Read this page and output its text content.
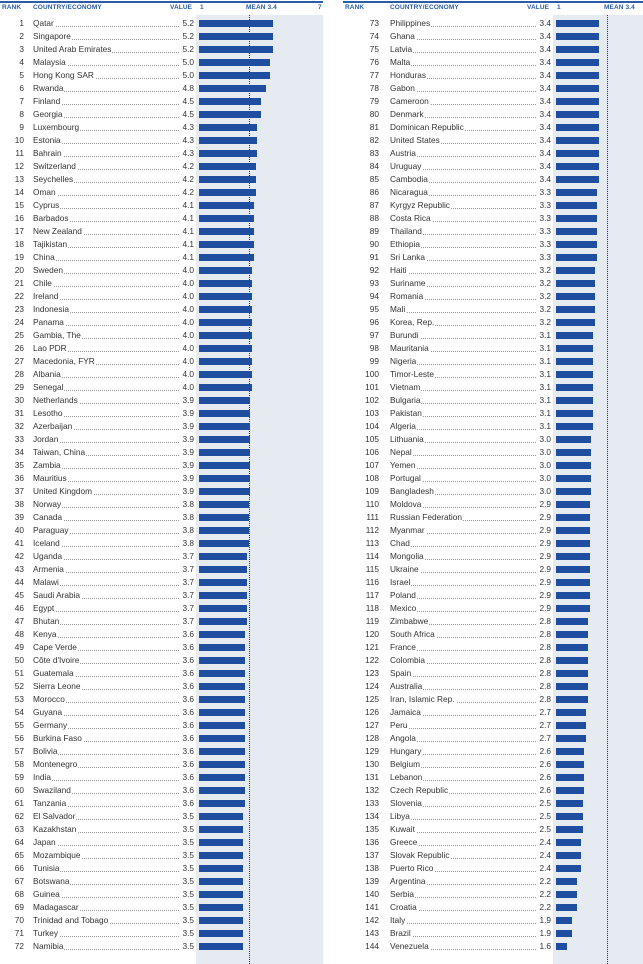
RANK COUNTRY/ECONOMY	VALUE 1	MEAN 3.4	7
1 Qatar	5.2
2 Singapore	5.2
3 United Arab Emirates	5.2
4 Malaysia	5.0
5 Hong Kong SAR	5.0
6 Rwanda	4.8
7 Finland	4.5
8 Georgia	4.5
9 Luxembourg	4.3
10 Estonia	4.3
11 Bahrain	4.3
12 Switzerland	4.2
13 Seychelles	4.2
14 Oman	4.2
15 Cyprus	4.1
16 Barbados	4.1
17 New Zealand	4.1
18 Tajikistan	4.1
19 China	4.1
20 Sweden	4.0
21 Chile	4.0
22 Ireland	4.0
23 Indonesia	4.0
24 Panama	4.0
25 Gambia, The	4.0
26 Lao PDR	4.0
27 Macedonia, FYR	4.0
28 Albania	4.0
29 Senegal	4.0
30 Netherlands	3.9
31 Lesotho	3.9
32 Azerbaijan	3.9
33 Jordan	3.9
34 Taiwan, China	3.9
35 Zambia	3.9
36 Mauritius	3.9
37 United Kingdom	3.9
38 Norway	3.8
39 Canada	3.8
40 Paraguay	3.8
41 Iceland	3.8
42 Uganda	3.7
43 Armenia	3.7
44 Malawi	3.7
45 Saudi Arabia	3.7
46 Egypt	3.7
47 Bhutan	3.7
48 Kenya	3.6
49 Cape Verde	3.6
50 Côte d'Ivoire	3.6
51 Guatemala	3.6
52 Sierra Leone	3.6
53 Morocco	3.6
54 Guyana	3.6
55 Germany	3.6
56 Burkina Faso	3.6
57 Bolivia	3.6
58 Montenegro	3.6
59 India	3.6
60 Swaziland	3.6
61 Tanzania	3.6
62 El Salvador	3.5
63 Kazakhstan	3.5
64 Japan	3.5
65 Mozambique	3.5
66 Tunisia	3.5
67 Botswana	3.5
68 Guinea	3.5
69 Madagascar	3.5
70 Trinidad and Tobago	3.5
71 Turkey	3.5
72 Namibia	3.5
RANK	COUNTRY/ECONOMY	VALUE 1	MEAN 3.4
73 Philippines	3.4
74 Ghana	3.4
75 Latvia	3.4
76 Malta	3.4
77 Honduras	3.4
78 Gabon	3.4
79 Cameroon	3.4
80 Denmark	3.4
81 Dominican Republic	3.4
82 United States	3.4
83 Austria	3.4
84 Uruguay	3.4
85 Cambodia	3.4
86 Nicaragua	3.3
87 Kyrgyz Republic	3.3
88 Costa Rica	3.3
89 Thailand	3.3
90 Ethiopia	3.3
91 Sri Lanka	3.3
92 Haiti	3.2
93 Suriname	3.2
94 Romania	3.2
95 Mali	3.2
96 Korea, Rep.	3.2
97 Burundi	3.1
98 Mauritania	3.1
99 Nigeria	3.1
100 Timor-Leste	3.1
101 Vietnam	3.1
102 Bulgaria	3.1
103 Pakistan	3.1
104 Algeria	3.1
105 Lithuania	3.0
106 Nepal	3.0
107 Yemen	3.0
108 Portugal	3.0
109 Bangladesh	3.0
110 Moldova	2.9
111 Russian Federation	2.9
112 Myanmar	2.9
113 Chad	2.9
114 Mongolia	2.9
115 Ukraine	2.9
116 Israel	2.9
117 Poland	2.9
118 Mexico	2.9
119 Zimbabwe	2.8
120 South Africa	2.8
121 France	2.8
122 Colombia	2.8
123 Spain	2.8
124 Australia	2.8
125 Iran, Islamic Rep.	2.8
126 Jamaica	2.7
127 Peru	2.7
128 Angola	2.7
129 Hungary	2.6
130 Belgium	2.6
131 Lebanon	2.6
132 Czech Republic	2.6
133 Slovenia	2.5
134 Libya	2.5
135 Kuwait	2.5
136 Greece	2.4
137 Slovak Republic	2.4
138 Puerto Rico	2.4
139 Argentina	2.2
140 Serbia	2.2
141 Croatia	2.2
142 Italy	1.9
143 Brazil	1.9
144 Venezuela	1.6
